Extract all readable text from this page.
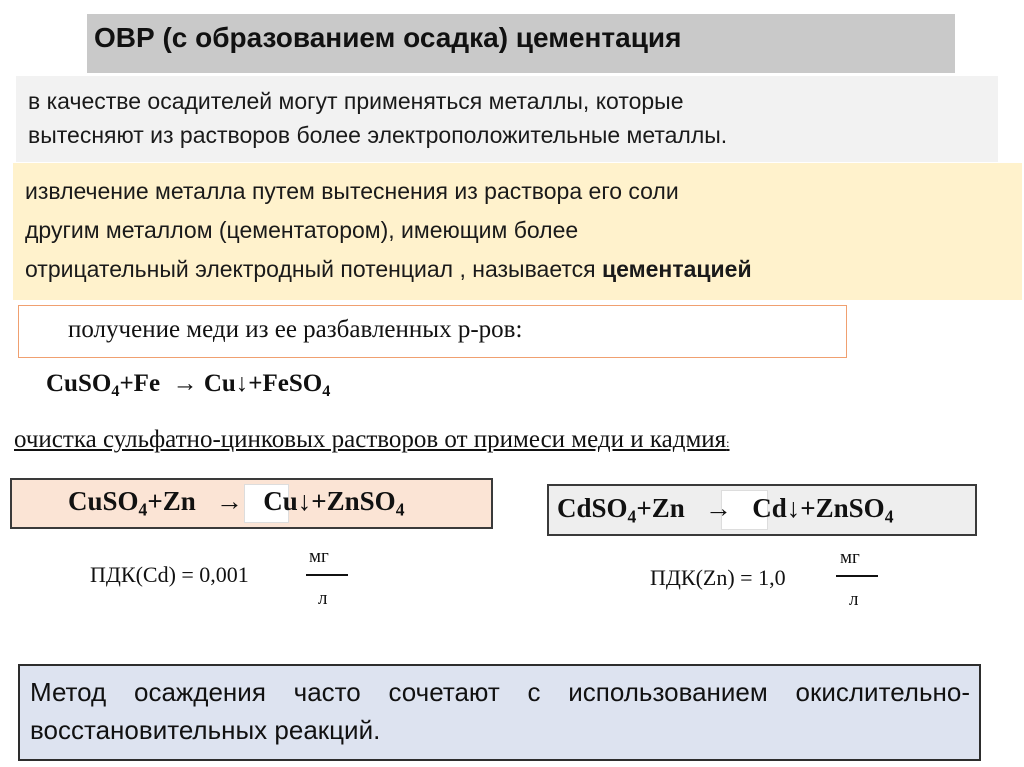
ОВР (с образованием осадка) цементация
в качестве осадителей могут применяться металлы, которые
вытесняют из растворов более электроположительные металлы.
извлечение металла путем вытеснения из раствора его соли
другим металлом (цементатором), имеющим более
отрицательный электродный потенциал , называется цементацией
получение меди из ее разбавленных р-ров:
CuSO$_4$+Fe → Cu↓+FeSO$_4$
очистка сульфатно-цинковых растворов от примеси меди и кадмия:
CuSO$_4$+Zn → Cu↓+ZnSO$_4$	CdSO$_4$+Zn → Cd↓+ZnSO$_4$
ПДК(Cd) = 0,001
мг
л
ПДК(Zn) = 1,0
мг
л
Метод осаждения часто сочетают с использованием окислительно-восстановительных реакций.
